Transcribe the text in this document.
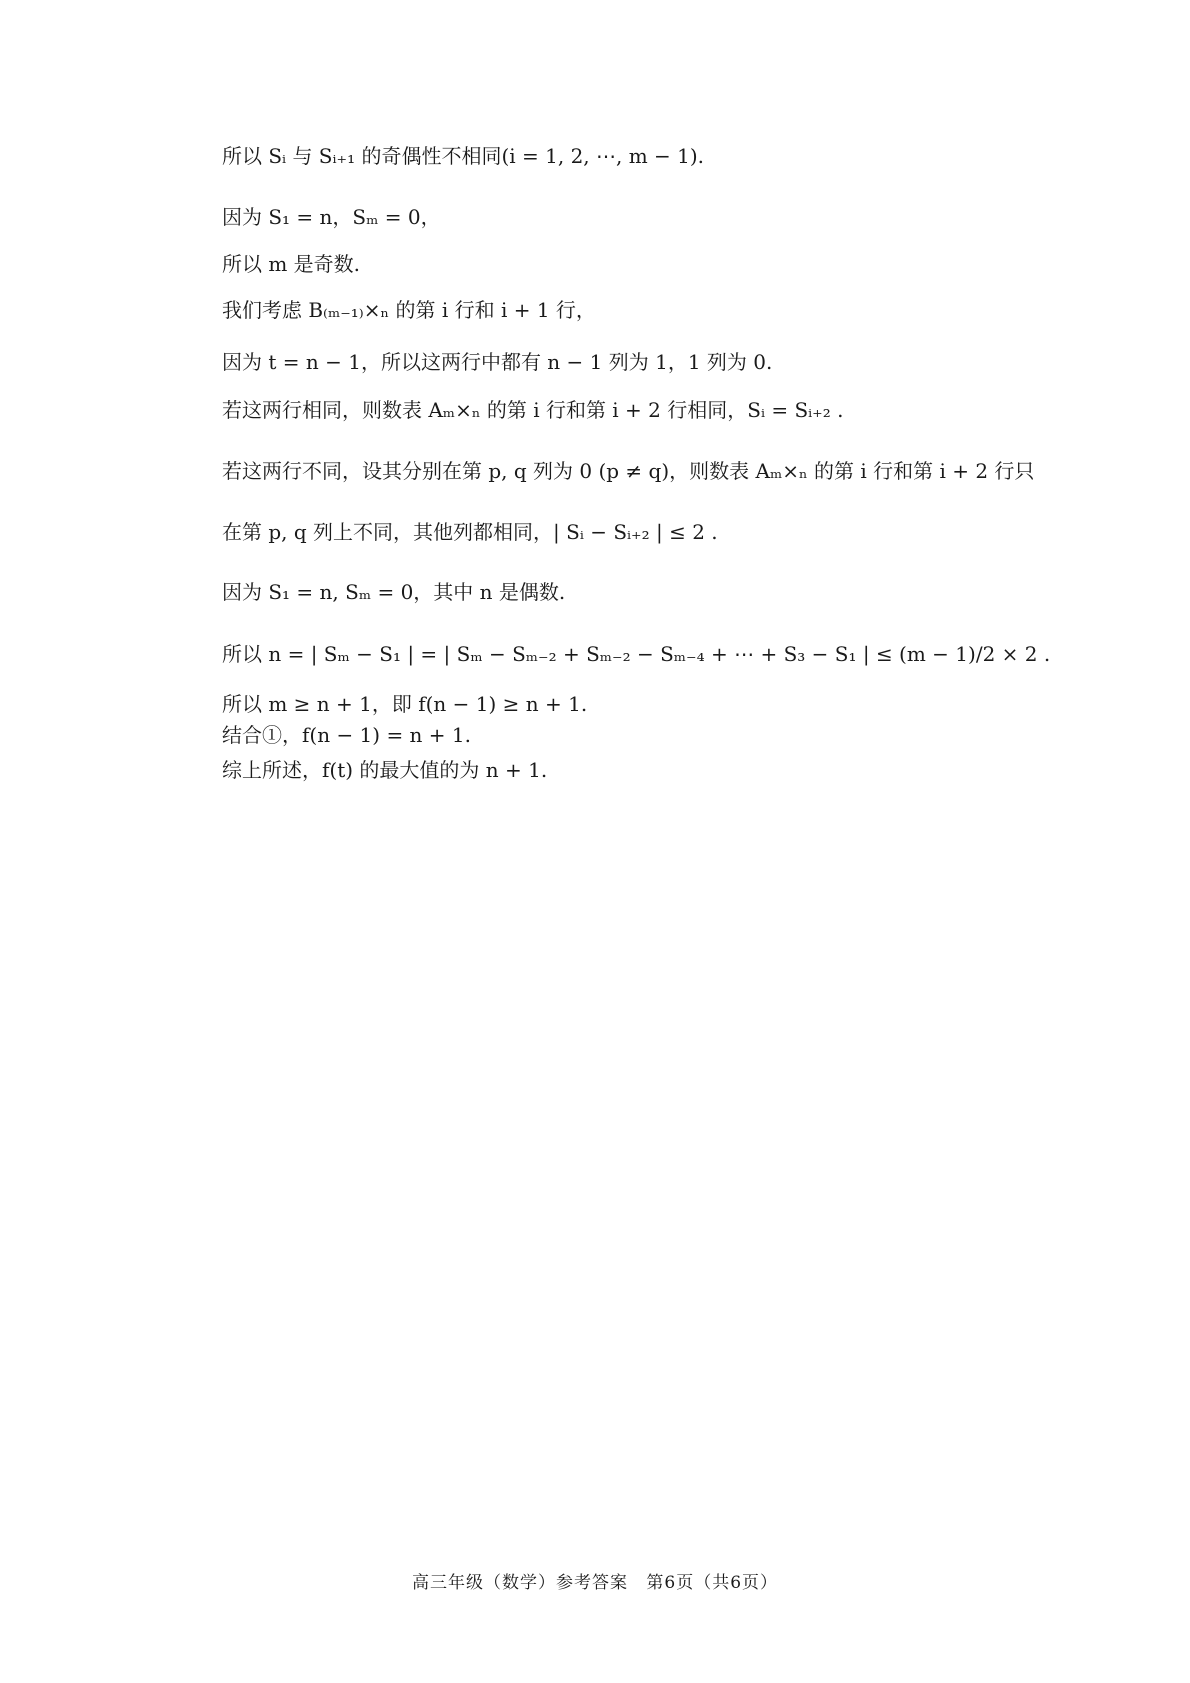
所以 Sᵢ 与 Sᵢ₊₁ 的奇偶性不相同(i = 1, 2, ⋯, m − 1).
因为 S₁ = n，Sₘ = 0，
所以 m 是奇数.
我们考虑 B₍ₘ₋₁₎×ₙ 的第 i 行和 i + 1 行，
因为 t = n − 1，所以这两行中都有 n − 1 列为 1，1 列为 0.
若这两行相同，则数表 Aₘ×ₙ 的第 i 行和第 i + 2 行相同，Sᵢ = Sᵢ₊₂ .
若这两行不同，设其分别在第 p, q 列为 0 (p ≠ q)，则数表 Aₘ×ₙ 的第 i 行和第 i + 2 行只
在第 p, q 列上不同，其他列都相同，| Sᵢ − Sᵢ₊₂ | ≤ 2 .
因为 S₁ = n, Sₘ = 0，其中 n 是偶数.
所以 n = | Sₘ − S₁ | = | Sₘ − Sₘ₋₂ + Sₘ₋₂ − Sₘ₋₄ + ⋯ + S₃ − S₁ | ≤ (m − 1)/2 × 2 .
所以 m ≥ n + 1，即 f(n − 1) ≥ n + 1.
结合①，f(n − 1) = n + 1.
综上所述，f(t) 的最大值的为 n + 1.
高三年级（数学）参考答案 第6页（共6页）
